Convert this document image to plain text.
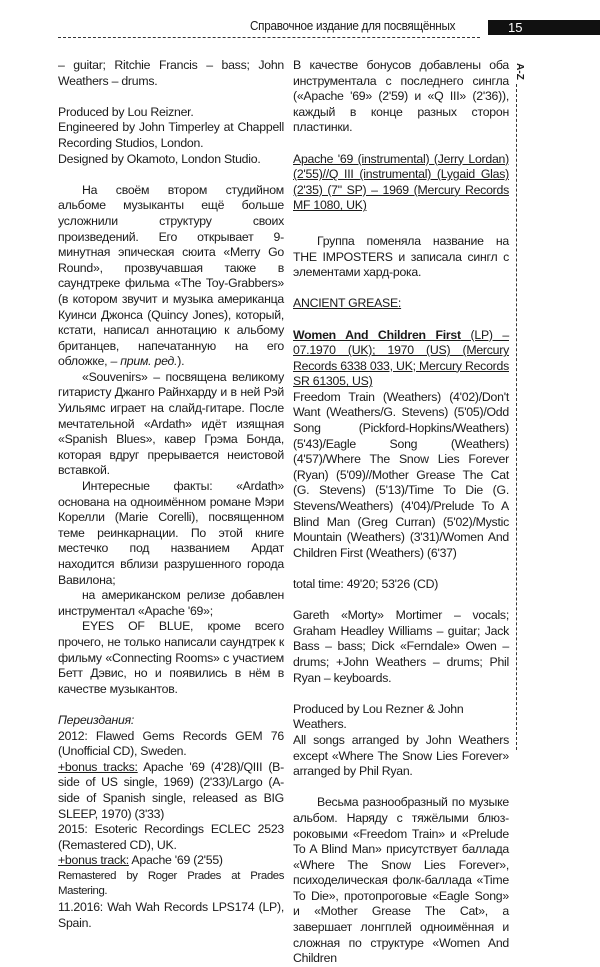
Справочное издание для посвящённых	15
A-Z

– guitar; Ritchie Francis – bass; John Weathers – drums.

Produced by Lou Reizner.

Engineered by John Timperley at Chappell Recording Studios, London.

Designed by Okamoto, London Studio.

На своём втором студийном альбоме музыканты ещё больше усложнили структуру своих произведений. Его открывает 9-минутная эпическая сюита «Merry Go Round», прозвучавшая также в саундтреке фильма «The Toy-Grabbers» (в котором звучит и музыка американца Куинси Джонса (Quincy Jones), который, кстати, написал аннотацию к альбому британцев, напечатанную на его обложке, – прим. ред.).

«Souvenirs» – посвящена великому гитаристу Джанго Райнхарду и в ней Рэй Уильямс играет на слайд-гитаре. После мечтательной «Ardath» идёт изящная «Spanish Blues», кавер Грэма Бонда, которая вдруг прерывается неистовой вставкой.

Интересные факты: «Ardath» основана на одноимённом романе Мэри Корелли (Marie Corelli), посвященном теме реинкарнации. По этой книге местечко под названием Ардат находится вблизи разрушенного города Вавилона;

на американском релизе добавлен инструментал «Apache '69»;

EYES OF BLUE, кроме всего прочего, не только написали саундтрек к фильму «Connecting Rooms» с участием Бетт Дэвис, но и появились в нём в качестве музыкантов.

Переиздания:

2012: Flawed Gems Records GEM 76 (Unofficial CD), Sweden.

+bonus tracks: Apache '69 (4'28)/QIII (B-side of US single, 1969) (2'33)/Largo (A-side of Spanish single, released as BIG SLEEP, 1970) (3'33)

2015: Esoteric Recordings ECLEC 2523 (Remastered CD), UK.

+bonus track: Apache '69 (2'55)

Remastered by Roger Prades at Prades Mastering.

11.2016: Wah Wah Records LPS174 (LP), Spain.

В качестве бонусов добавлены оба инструментала с последнего сингла («Apache '69» (2'59) и «Q III» (2'36)), каждый в конце разных сторон пластинки.

Apache '69 (instrumental) (Jerry Lordan) (2'55)//Q III (instrumental) (Lygaid Glas) (2'35) (7" SP) – 1969 (Mercury Records MF 1080, UK)

Группа поменяла название на THE IMPOSTERS и записала сингл с элементами хард-рока.

ANCIENT GREASE:

Women And Children First (LP) – 07.1970 (UK); 1970 (US) (Mercury Records 6338 033, UK; Mercury Records SR 61305, US)

Freedom Train (Weathers) (4'02)/Don't Want (Weathers/G. Stevens) (5'05)/Odd Song (Pickford-Hopkins/Weathers) (5'43)/Eagle Song (Weathers) (4'57)/Where The Snow Lies Forever (Ryan) (5'09)//Mother Grease The Cat (G. Stevens) (5'13)/Time To Die (G. Stevens/Weathers) (4'04)/Prelude To A Blind Man (Greg Curran) (5'02)/Mystic Mountain (Weathers) (3'31)/Women And Children First (Weathers) (6'37)

total time: 49'20; 53'26 (CD)

Gareth «Morty» Mortimer – vocals; Graham Headley Williams – guitar; Jack Bass – bass; Dick «Ferndale» Owen – drums; +John Weathers – drums; Phil Ryan – keyboards.

Produced by Lou Rezner & John Weathers.

All songs arranged by John Weathers except «Where The Snow Lies Forever» arranged by Phil Ryan.

Весьма разнообразный по музыке альбом. Наряду с тяжёлыми блюз-роковыми «Freedom Train» и «Prelude To A Blind Man» присутствует баллада «Where The Snow Lies Forever», психоделическая фолк-баллада «Time To Die», протопроговые «Eagle Song» и «Mother Grease The Cat», а завершает лонгплей одноимённая и сложная по структуре «Women And Children
